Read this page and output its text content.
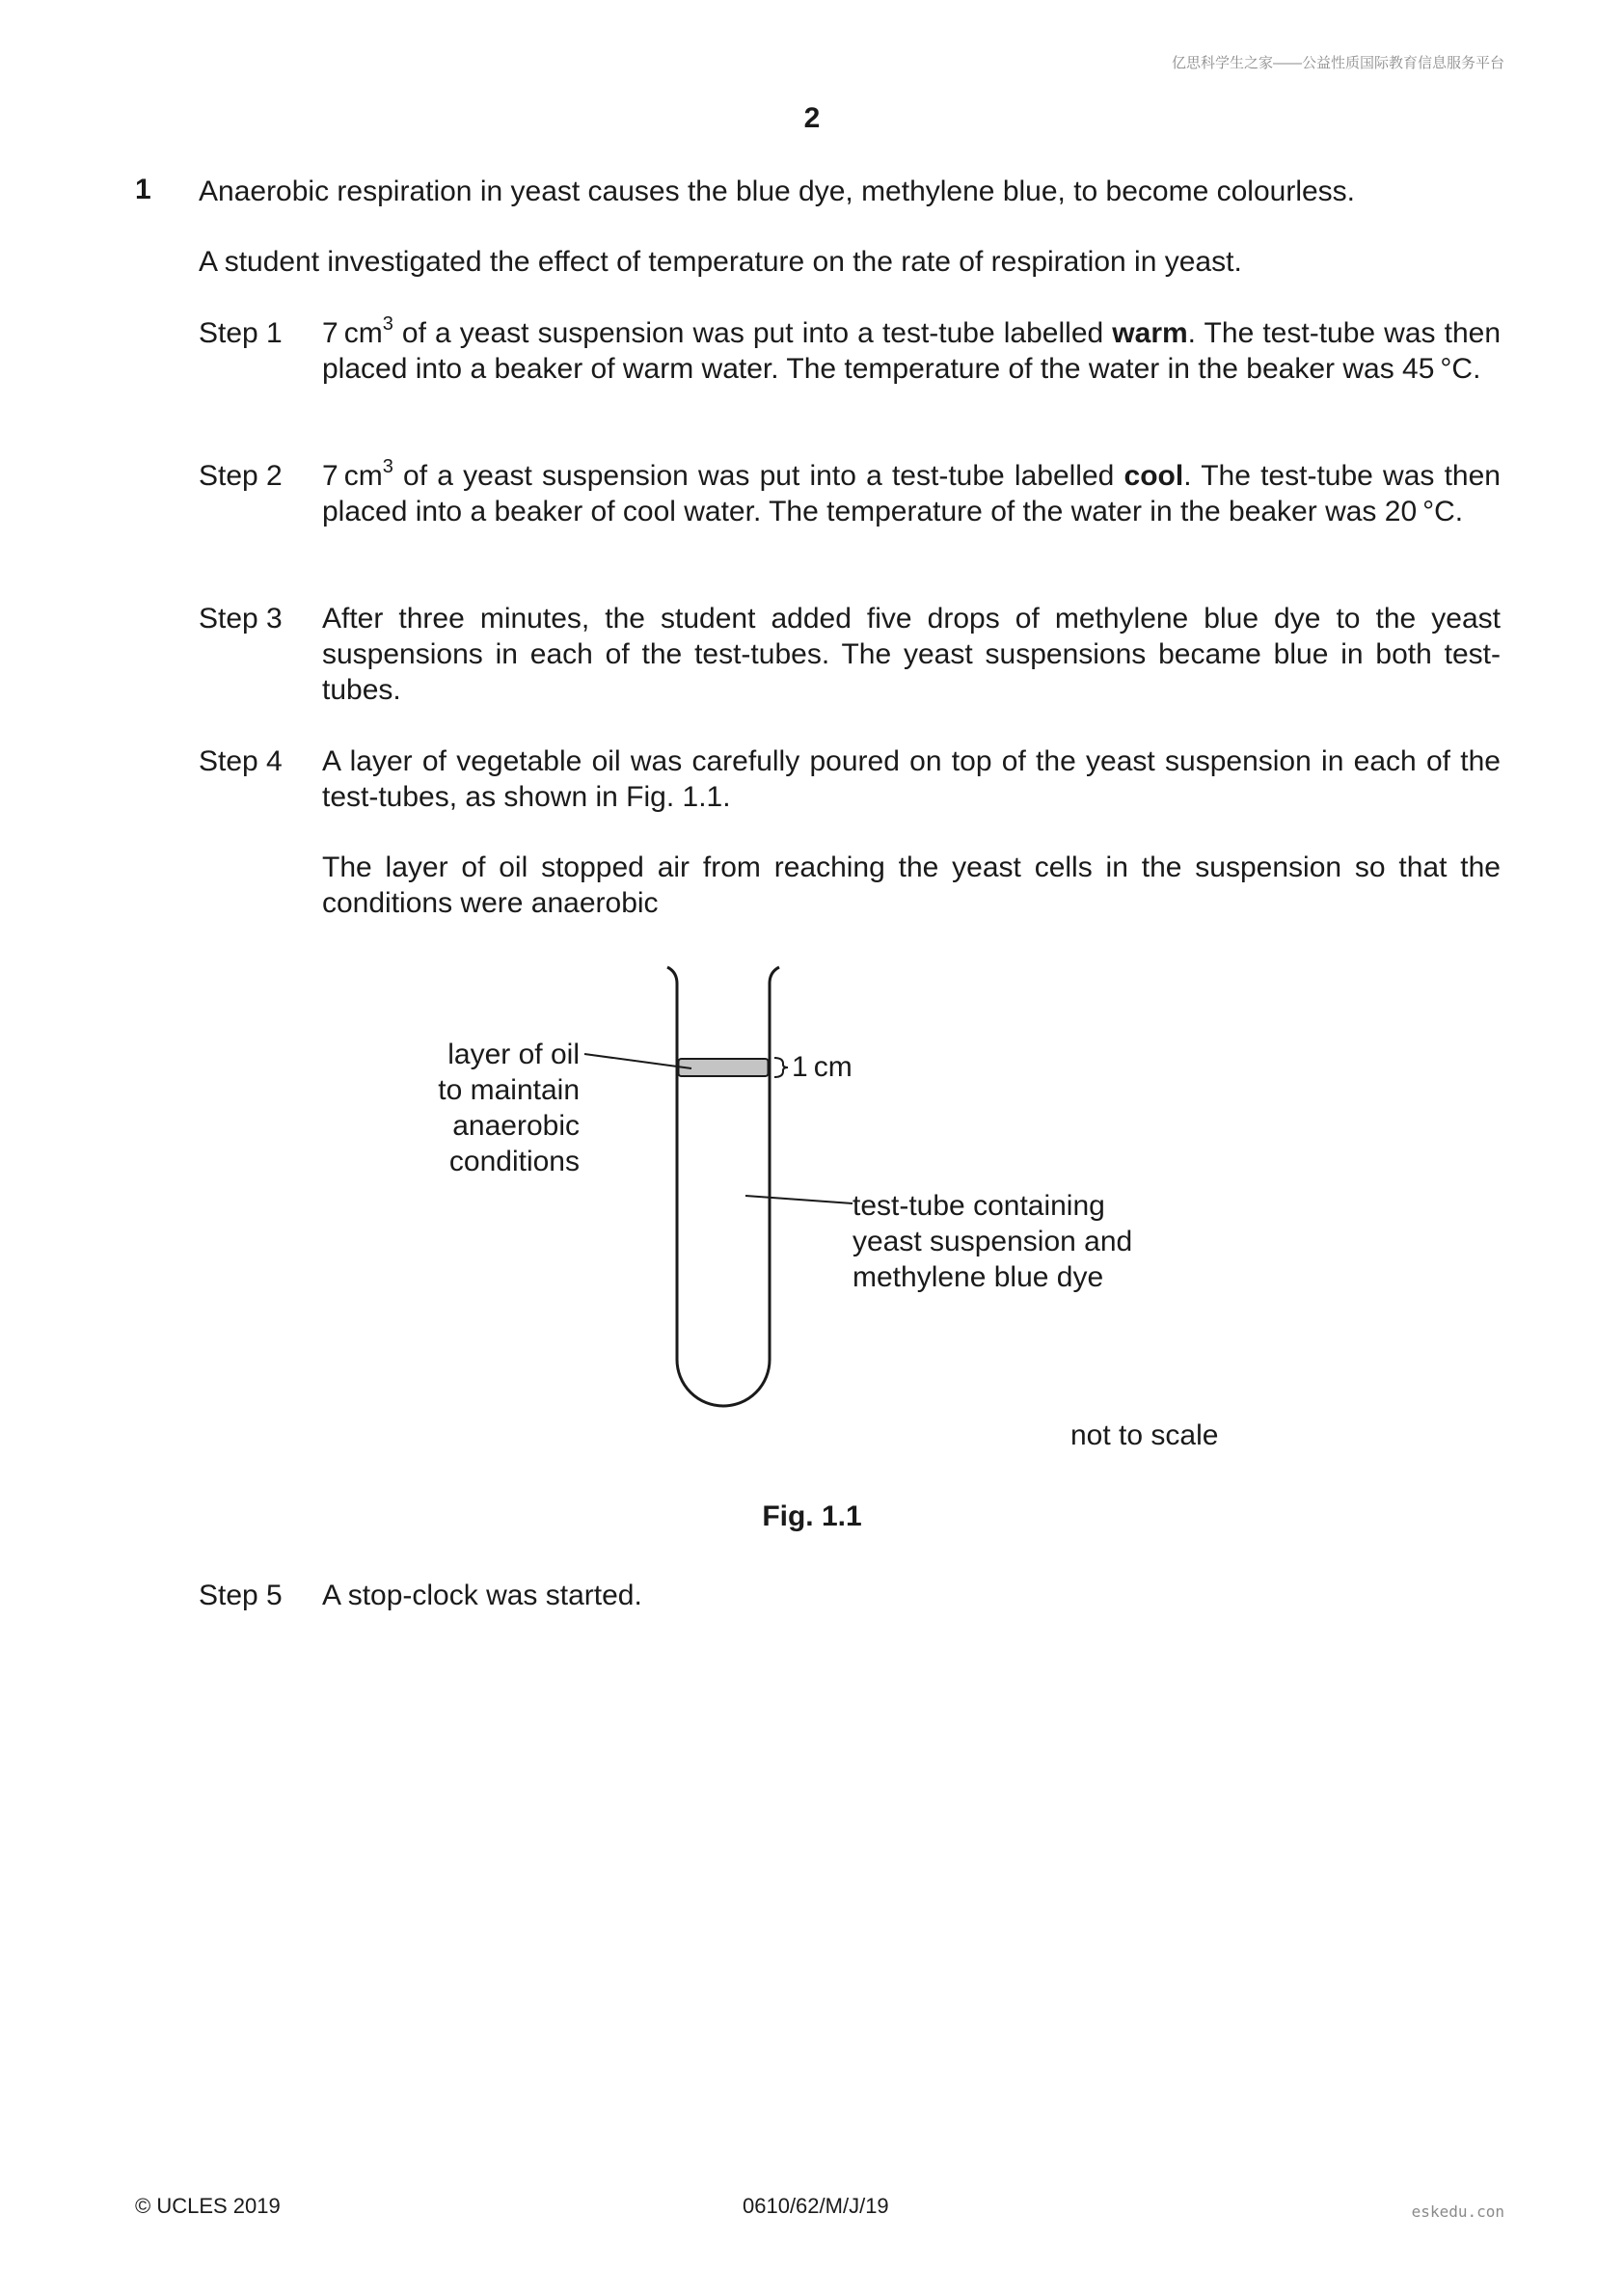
亿思科学生之家——公益性质国际教育信息服务平台
2
1 Anaerobic respiration in yeast causes the blue dye, methylene blue, to become colourless.
A student investigated the effect of temperature on the rate of respiration in yeast.
Step 1 7  $cm^3$ of a yeast suspension was put into a test-tube labelled warm. The test-tube was then placed into a beaker of warm water. The temperature of the water in the beaker was 45 °C.
Step 2 7  $cm^3$ of a yeast suspension was put into a test-tube labelled cool. The test-tube was then placed into a beaker of cool water. The temperature of the water in the beaker was 20 °C.
Step 3 After three minutes, the student added five drops of methylene blue dye to the yeast suspensions in each of the test-tubes. The yeast suspensions became blue in both test-tubes.
Step 4 A layer of vegetable oil was carefully poured on top of the yeast suspension in each of the test-tubes, as shown in Fig. 1.1.
The layer of oil stopped air from reaching the yeast cells in the suspension so that the conditions were anaerobic
layer of oil
to maintain
anaerobic
conditions
1 cm
test-tube containing
yeast suspension and
methylene blue dye
not to scale
Fig. 1.1
Step 5 A stop-clock was started.
© UCLES 2019	0610/62/M/J/19	eskedu.con
